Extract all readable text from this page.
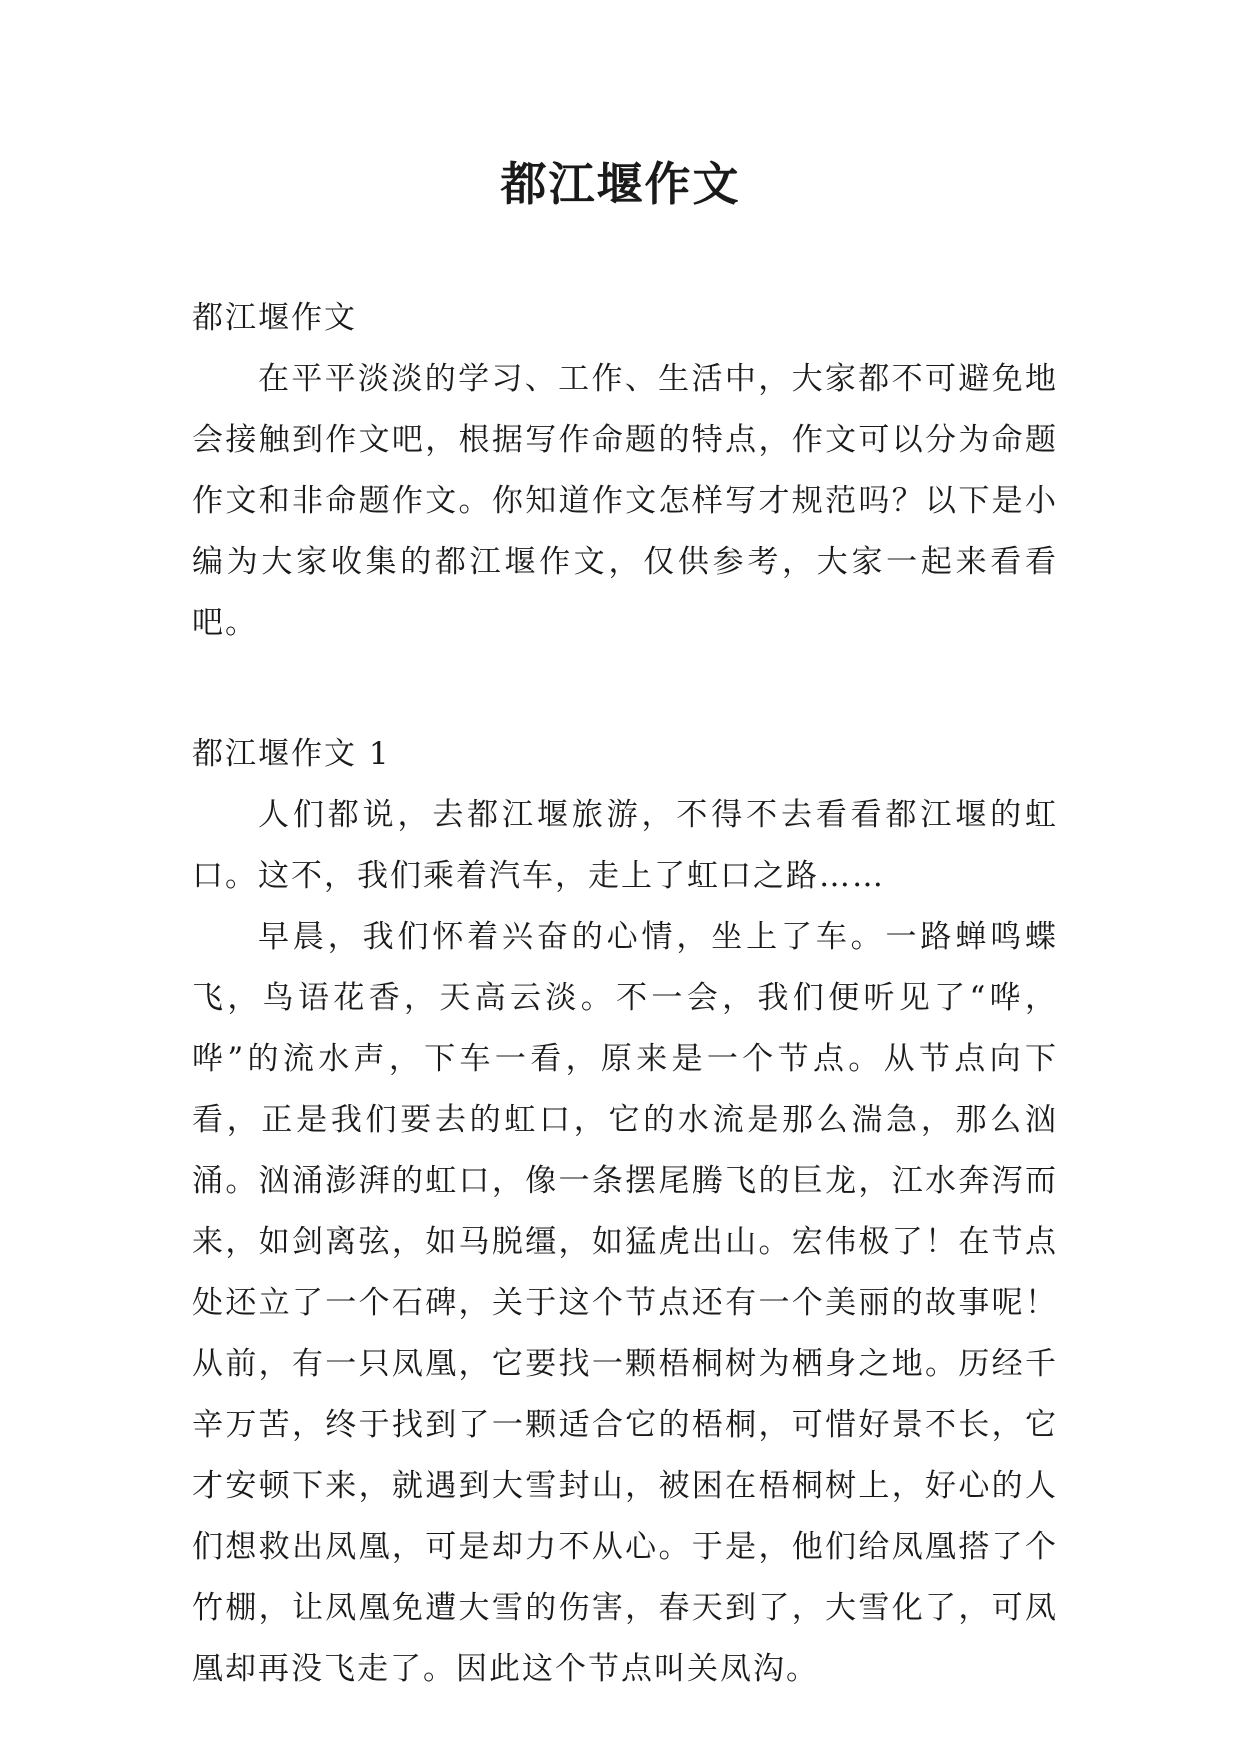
都江堰作文

都江堰作文

在平平淡淡的学习、工作、生活中，大家都不可避免地会接触到作文吧，根据写作命题的特点，作文可以分为命题作文和非命题作文。你知道作文怎样写才规范吗？以下是小编为大家收集的都江堰作文，仅供参考，大家一起来看看吧。

都江堰作文 1

人们都说，去都江堰旅游，不得不去看看都江堰的虹口。这不，我们乘着汽车，走上了虹口之路……

早晨，我们怀着兴奋的心情，坐上了车。一路蝉鸣蝶飞，鸟语花香，天高云淡。不一会，我们便听见了“哗，哗”的流水声，下车一看，原来是一个节点。从节点向下看，正是我们要去的虹口，它的水流是那么湍急，那么汹涌。汹涌澎湃的虹口，像一条摆尾腾飞的巨龙，江水奔泻而来，如剑离弦，如马脱缰，如猛虎出山。宏伟极了！在节点处还立了一个石碑，关于这个节点还有一个美丽的故事呢！从前，有一只凤凰，它要找一颗梧桐树为栖身之地。历经千辛万苦，终于找到了一颗适合它的梧桐，可惜好景不长，它才安顿下来，就遇到大雪封山，被困在梧桐树上，好心的人们想救出凤凰，可是却力不从心。于是，他们给凤凰搭了个竹棚，让凤凰免遭大雪的伤害，春天到了，大雪化了，可凤凰却再没飞走了。因此这个节点叫关凤沟。
